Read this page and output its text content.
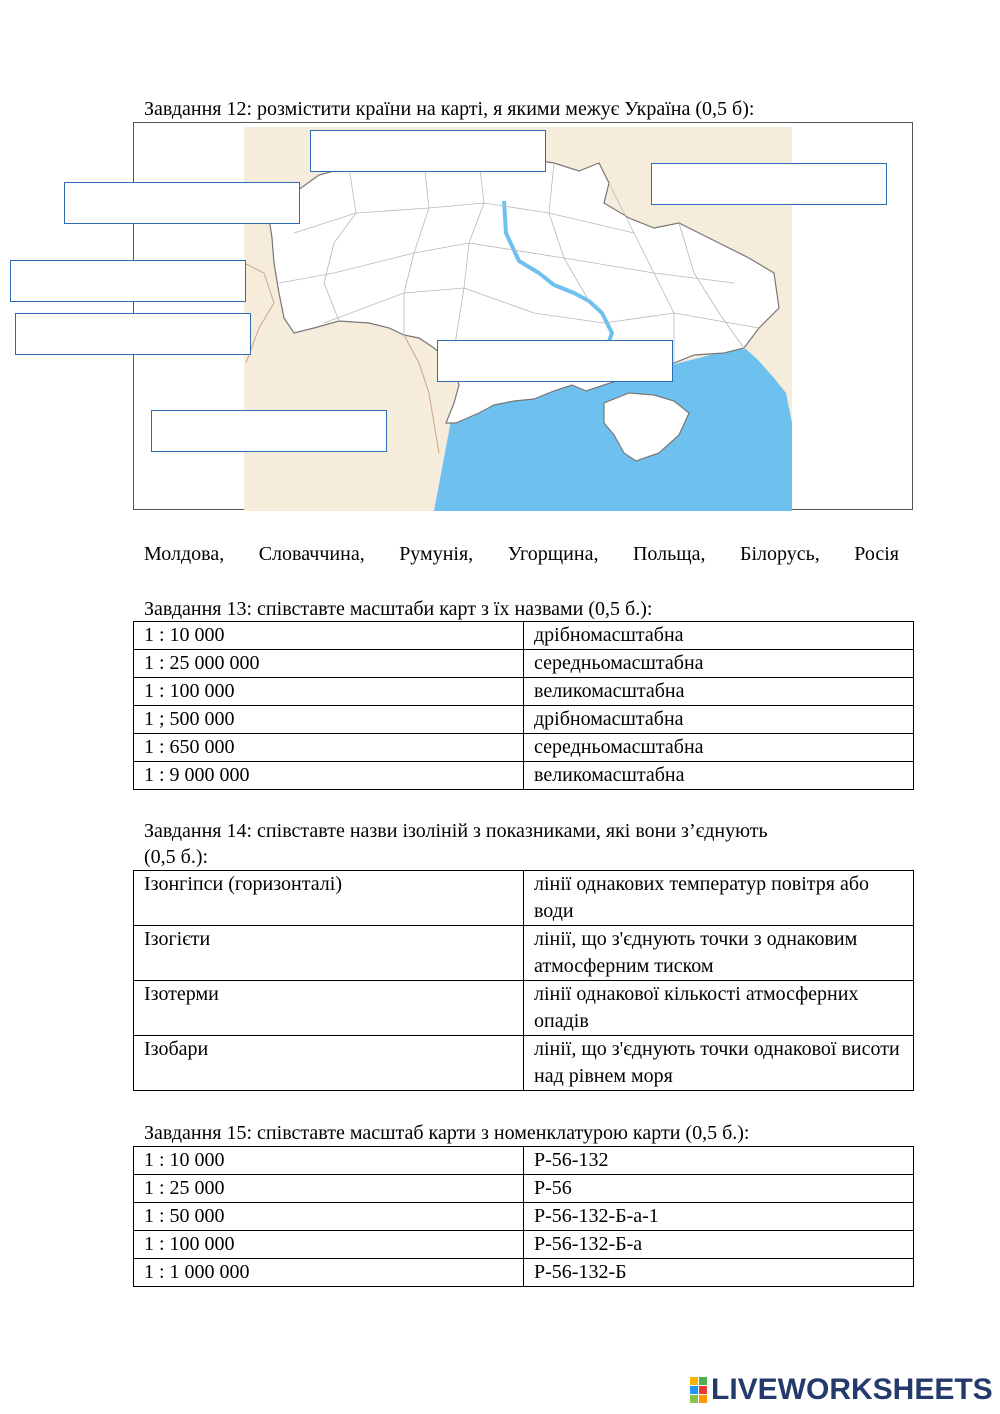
Завдання 12: розмістити країни на карті, я якими межує Україна (0,5 б):
Молдова, Словаччина, Румунія, Угорщина, Польща, Білорусь, Росія
Завдання 13: співставте масштаби карт з їх назвами (0,5 б.):
1 : 10 000	дрібномасштабна
1 : 25 000 000	середньомасштабна
1 : 100 000	великомасштабна
1 ; 500 000	дрібномасштабна
1 : 650 000	середньомасштабна
1 : 9 000 000	великомасштабна
Завдання 14: співставте назви ізоліній з показниками, які вони з’єднують
(0,5 б.):
Ізонгіпси (горизонталі)	лінії однакових температур повітря або води
Ізогієти	лінії, що з'єднують точки з однаковим атмосферним тиском
Ізотерми	лінії однакової кількості атмосферних опадів
Ізобари	лінії, що з'єднують точки однакової висоти над рівнем моря
Завдання 15: співставте масштаб карти з номенклатурою карти (0,5 б.):
1 : 10 000	P-56-132
1 : 25 000	P-56
1 : 50 000	P-56-132-Б-а-1
1 : 100 000	P-56-132-Б-а
1 : 1 000 000	P-56-132-Б
LIVEWORKSHEETS
